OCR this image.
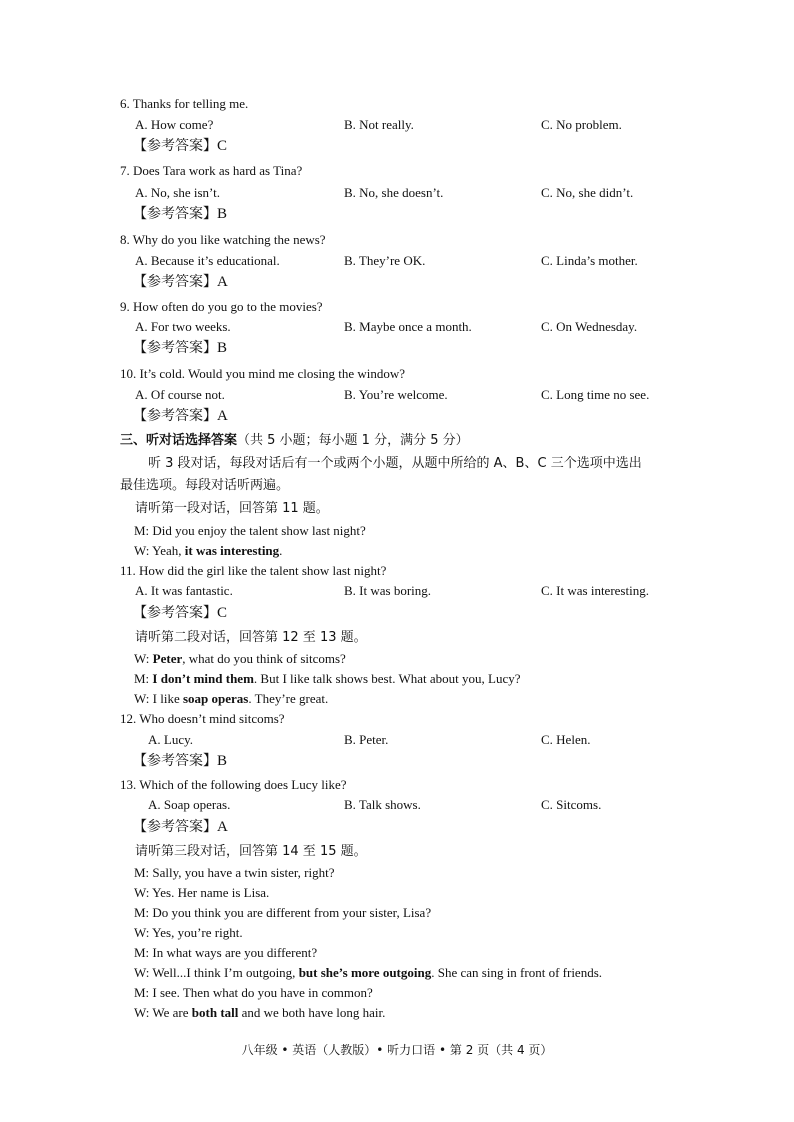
6. Thanks for telling me.
A. How come?	B. Not really.	C. No problem.
【参考答案】C
7. Does Tara work as hard as Tina?
A. No, she isn’t.	B. No, she doesn’t.	C. No, she didn’t.
【参考答案】B
8. Why do you like watching the news?
A. Because it’s educational.	B. They’re OK.	C. Linda’s mother.
【参考答案】A
9. How often do you go to the movies?
A. For two weeks.	B. Maybe once a month.	C. On Wednesday.
【参考答案】B
10. It’s cold. Would you mind me closing the window?
A. Of course not.	B. You’re welcome.	C. Long time no see.
【参考答案】A
三、听对话选择答案（共 5 小题；每小题 1 分，满分 5 分）
听 3 段对话，每段对话后有一个或两个小题，从题中所给的 A、B、C 三个选项中选出
最佳选项。每段对话听两遍。
请听第一段对话，回答第 11 题。
M: Did you enjoy the talent show last night?
W: Yeah, it was interesting.
11. How did the girl like the talent show last night?
A. It was fantastic.	B. It was boring.	C. It was interesting.
【参考答案】C
请听第二段对话，回答第 12 至 13 题。
W: Peter, what do you think of sitcoms?
M: I don’t mind them. But I like talk shows best. What about you, Lucy?
W: I like soap operas. They’re great.
12. Who doesn’t mind sitcoms?
A. Lucy.	B. Peter.	C. Helen.
【参考答案】B
13. Which of the following does Lucy like?
A. Soap operas.	B. Talk shows.	C. Sitcoms.
【参考答案】A
请听第三段对话，回答第 14 至 15 题。
M: Sally, you have a twin sister, right?
W: Yes. Her name is Lisa.
M: Do you think you are different from your sister, Lisa?
W: Yes, you’re right.
M: In what ways are you different?
W: Well...I think I’m outgoing, but she’s more outgoing. She can sing in front of friends.
M: I see. Then what do you have in common?
W: We are both tall and we both have long hair.
八年级 • 英语（人教版）• 听力口语 • 第 2 页（共 4 页）
